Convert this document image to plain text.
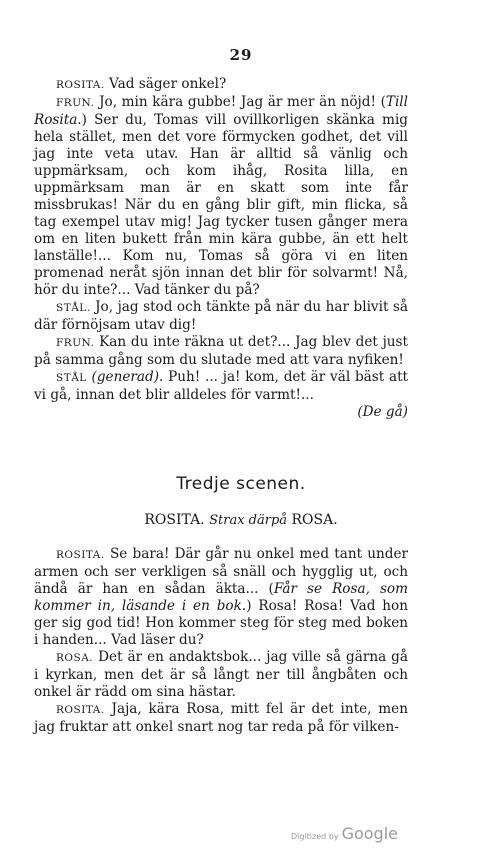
29

ROSITA. Vad säger onkel?

FRUN. Jo, min kära gubbe! Jag är mer än nöjd! (Till Rosita.) Ser du, Tomas vill ovillkorligen skänka mig hela stället, men det vore förmycken godhet, det vill jag inte veta utav. Han är alltid så vänlig och uppmärksam, och kom ihåg, Rosita lilla, en uppmärksam man är en skatt som inte får missbrukas! När du en gång blir gift, min flicka, så tag exempel utav mig! Jag tycker tusen gånger mera om en liten bukett från min kära gubbe, än ett helt lanställe!... Kom nu, Tomas så göra vi en liten promenad neråt sjön innan det blir för solvarmt! Nå, hör du inte?... Vad tänker du på?

STÅL. Jo, jag stod och tänkte på när du har blivit så där förnöjsam utav dig!

FRUN. Kan du inte räkna ut det?... Jag blev det just på samma gång som du slutade med att vara nyfiken!

STÅL (generad). Puh! ... ja! kom, det är väl bäst att vi gå, innan det blir alldeles för varmt!...

(De gå)

Tredje scenen.
ROSITA. Strax därpå ROSA.

ROSITA. Se bara! Där går nu onkel med tant under armen och ser verkligen så snäll och hygglig ut, och ändå är han en sådan äkta... (Får se Rosa, som kommer in, läsande i en bok.) Rosa! Rosa! Vad hon ger sig god tid! Hon kommer steg för steg med boken i handen... Vad läser du?

ROSA. Det är en andaktsbok... jag ville så gärna gå i kyrkan, men det är så långt ner till ångbåten och onkel är rädd om sina hästar.

ROSITA. Jaja, kära Rosa, mitt fel är det inte, men jag fruktar att onkel snart nog tar reda på för vilken-

Digitized by Google
